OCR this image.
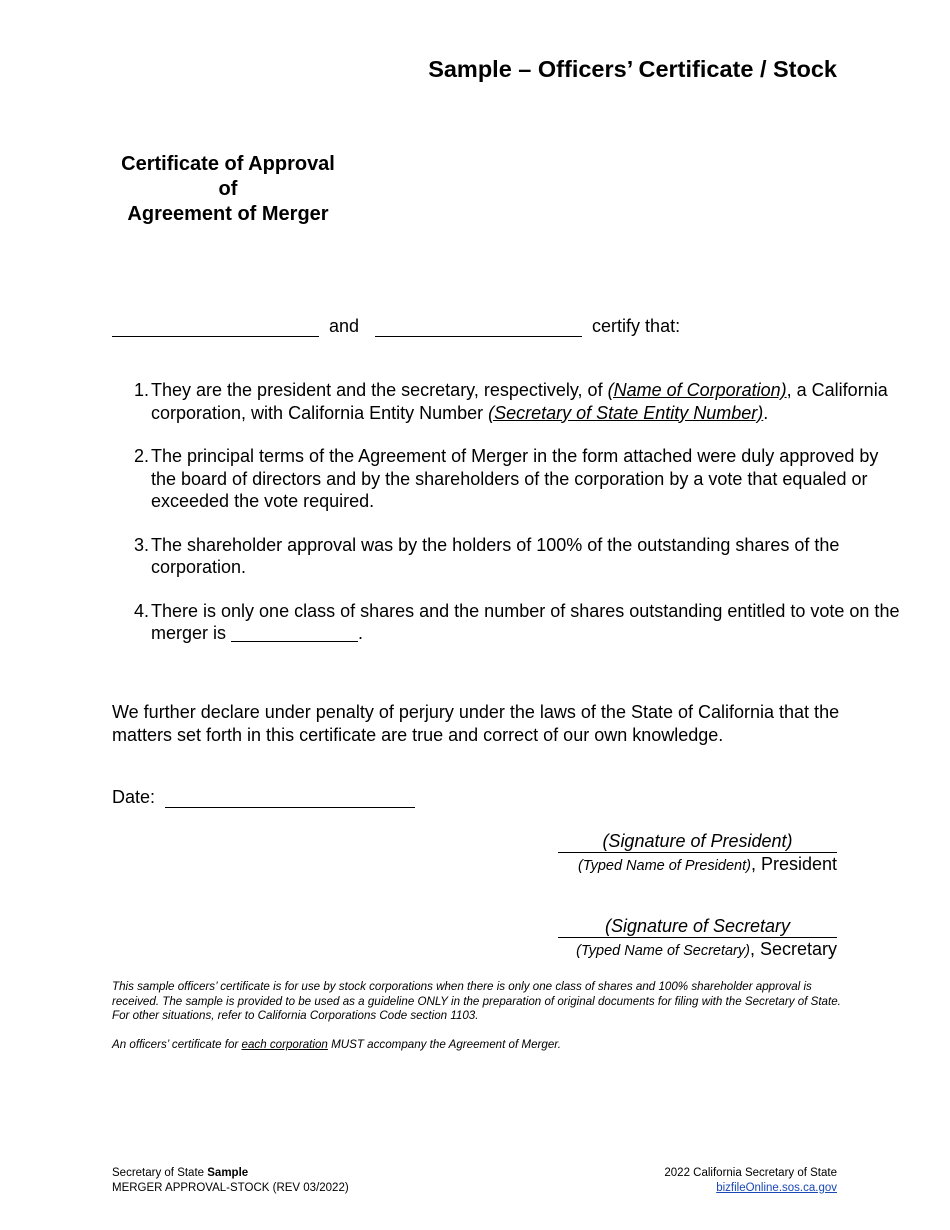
Sample – Officers’ Certificate / Stock
Certificate of Approval
of
Agreement of Merger
and	certify that:
1. They are the president and the secretary, respectively, of (Name of Corporation), a California corporation, with California Entity Number (Secretary of State Entity Number).
2. The principal terms of the Agreement of Merger in the form attached were duly approved by the board of directors and by the shareholders of the corporation by a vote that equaled or exceeded the vote required.
3. The shareholder approval was by the holders of 100% of the outstanding shares of the corporation.
4. There is only one class of shares and the number of shares outstanding entitled to vote on the merger is	.
We further declare under penalty of perjury under the laws of the State of California that the matters set forth in this certificate are true and correct of our own knowledge.
Date:
(Signature of President)
(Typed Name of President), President
(Signature of Secretary
(Typed Name of Secretary), Secretary
This sample officers’ certificate is for use by stock corporations when there is only one class of shares and 100% shareholder approval is received. The sample is provided to be used as a guideline ONLY in the preparation of original documents for filing with the Secretary of State. For other situations, refer to California Corporations Code section 1103.
An officers’ certificate for each corporation MUST accompany the Agreement of Merger.
Secretary of State Sample
MERGER APPROVAL-STOCK (REV 03/2022)
2022 California Secretary of State
bizfileOnline.sos.ca.gov
